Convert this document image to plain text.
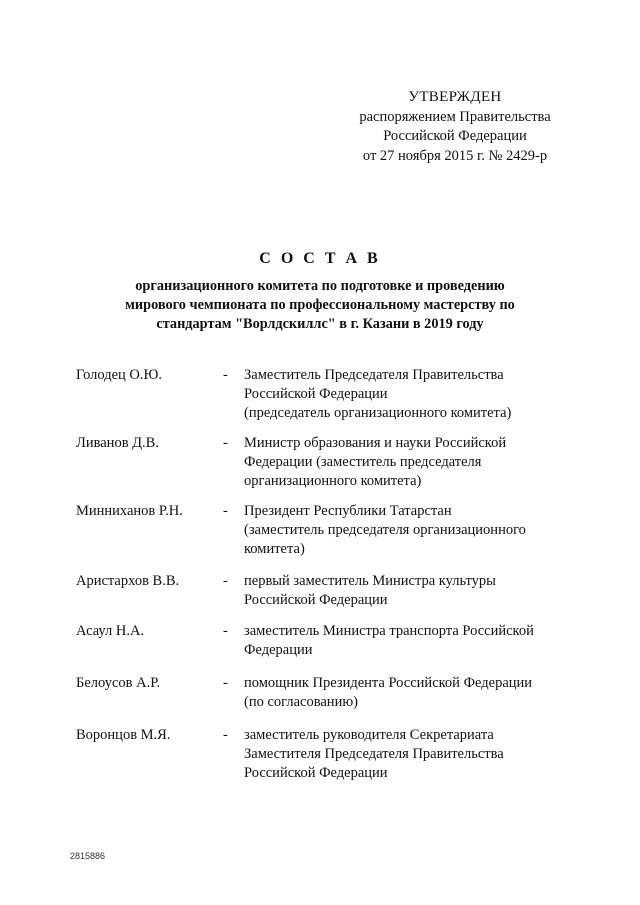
УТВЕРЖДЕН
распоряжением Правительства
Российской Федерации
от 27 ноября 2015 г. № 2429-р
С О С Т А В
организационного комитета по подготовке и проведению
мирового чемпионата по профессиональному мастерству по
стандартам "Ворлдскиллс" в г. Казани в 2019 году
Голодец О.Ю.	- Заместитель Председателя Правительства
Российской Федерации
(председатель организационного комитета)
Ливанов Д.В.	- Министр образования и науки Российской
Федерации (заместитель председателя
организационного комитета)
Минниханов Р.Н.	- Президент Республики Татарстан
(заместитель председателя организационного
комитета)
Аристархов В.В.	- первый заместитель Министра культуры
Российской Федерации
Асаул Н.А.	- заместитель Министра транспорта Российской
Федерации
Белоусов А.Р.	- помощник Президента Российской Федерации
(по согласованию)
Воронцов М.Я.	- заместитель руководителя Секретариата
Заместителя Председателя Правительства
Российской Федерации
2815886
